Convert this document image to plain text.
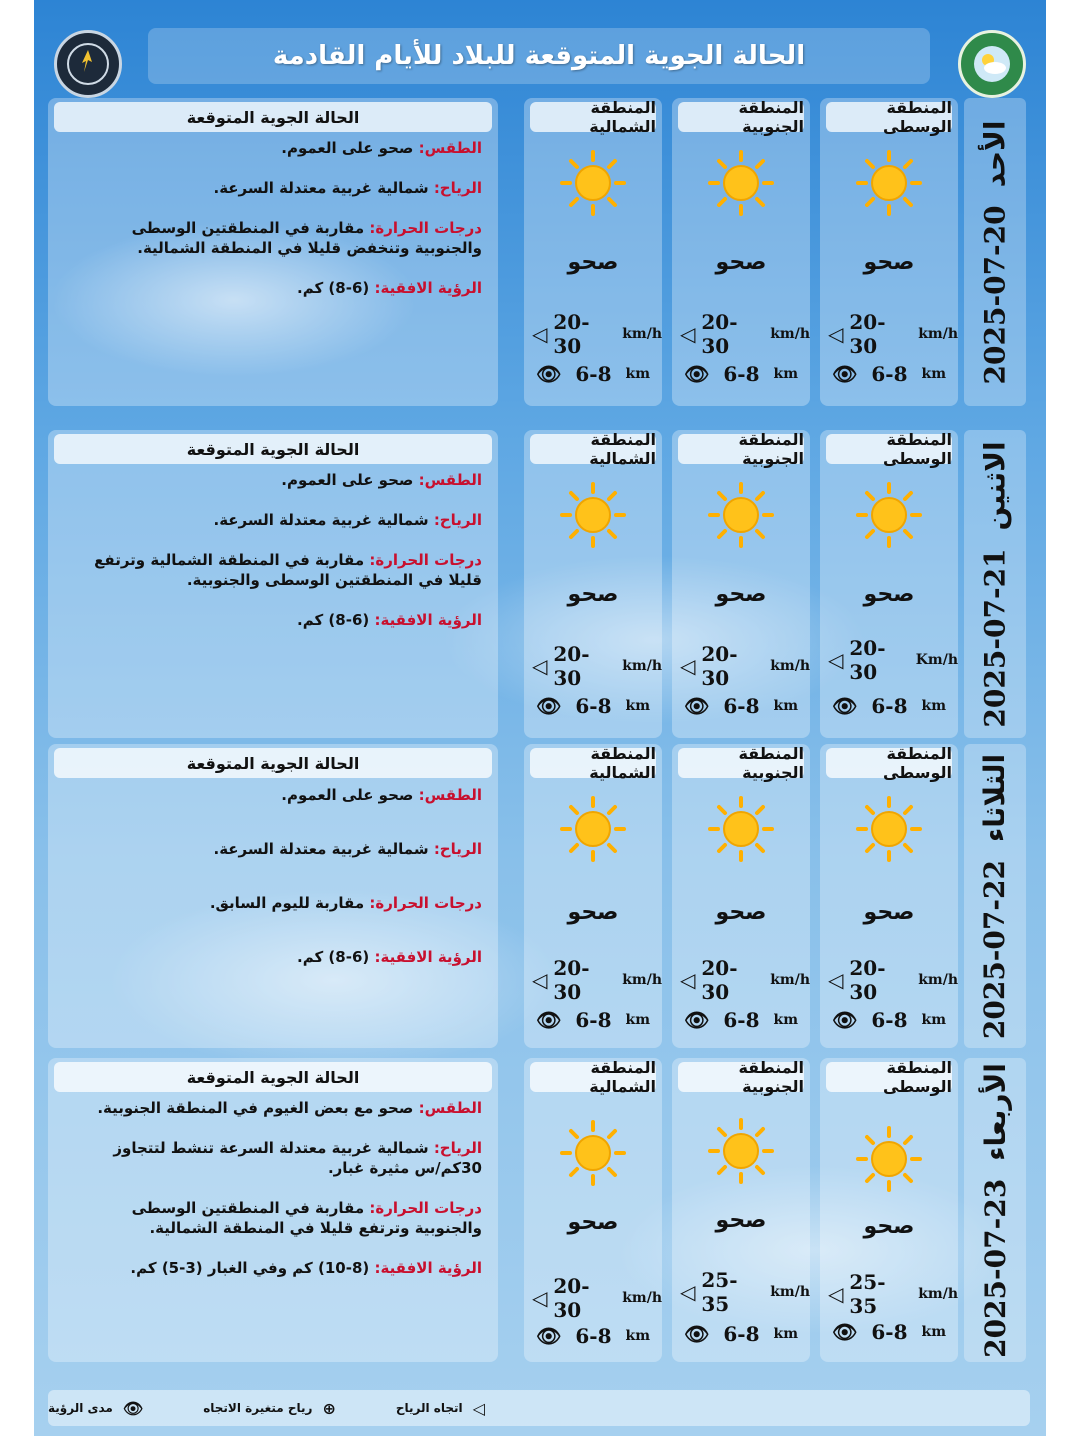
الحالة الجوية المتوقعة للبلاد للأيام القادمة
2025-07-20
الأحد
المنطقة الوسطى
صحو
◁ 20-30	km/h
👁 6-8 km
المنطقة الجنوبية
صحو
◁ 20-30	km/h
👁 6-8 km
المنطقة الشمالية
صحو
◁ 20-30	km/h
👁 6-8 km
الحالة الجوية المتوقعة

الطقس: صحو على العموم.

الرياح: شمالية غربية معتدلة السرعة.

درجات الحرارة: مقاربة في المنطقتين الوسطى والجنوبية وتنخفض قليلا في المنطقة الشمالية.

الرؤية الافقية: (6-8) كم.

2025-07-21
الاثنين
المنطقة الوسطى
صحو
◁ 20-30	Km/h
👁 6-8 km
المنطقة الجنوبية
صحو
◁ 20-30	km/h
👁 6-8 km
المنطقة الشمالية
صحو
◁ 20-30	km/h
👁 6-8 km
الحالة الجوية المتوقعة

الطقس: صحو على العموم.

الرياح: شمالية غربية معتدلة السرعة.

درجات الحرارة: مقاربة في المنطقة الشمالية وترتفع قليلا في المنطقتين الوسطى والجنوبية.

الرؤية الافقية: (6-8) كم.

2025-07-22
الثلاثاء
المنطقة الوسطى
صحو
◁ 20-30	km/h
👁 6-8 km
المنطقة الجنوبية
صحو
◁ 20-30	km/h
👁 6-8 km
المنطقة الشمالية
صحو
◁ 20-30	km/h
👁 6-8 km
الحالة الجوية المتوقعة

الطقس: صحو على العموم.

الرياح: شمالية غربية معتدلة السرعة.

درجات الحرارة: مقاربة لليوم السابق.

الرؤية الافقية: (6-8) كم.

2025-07-23
الأربعاء
المنطقة الوسطى
صحو
◁ 25-35	km/h
👁 6-8 km
المنطقة الجنوبية
صحو
◁ 25-35	km/h
👁 6-8 km
المنطقة الشمالية
صحو
◁ 20-30	km/h
👁 6-8 km
الحالة الجوية المتوقعة

الطقس: صحو مع بعض الغيوم في المنطقة الجنوبية.

الرياح: شمالية غربية معتدلة السرعة تنشط لتتجاوز 30كم/س مثيرة غبار.

درجات الحرارة: مقاربة في المنطقتين الوسطى والجنوبية وترتفع قليلا في المنطقة الشمالية.

الرؤية الافقية: (8-10) كم وفي الغبار (3-5) كم.

◁
اتجاه الرياح
⊕
رياح متغيرة الاتجاه
👁
مدى الرؤية
